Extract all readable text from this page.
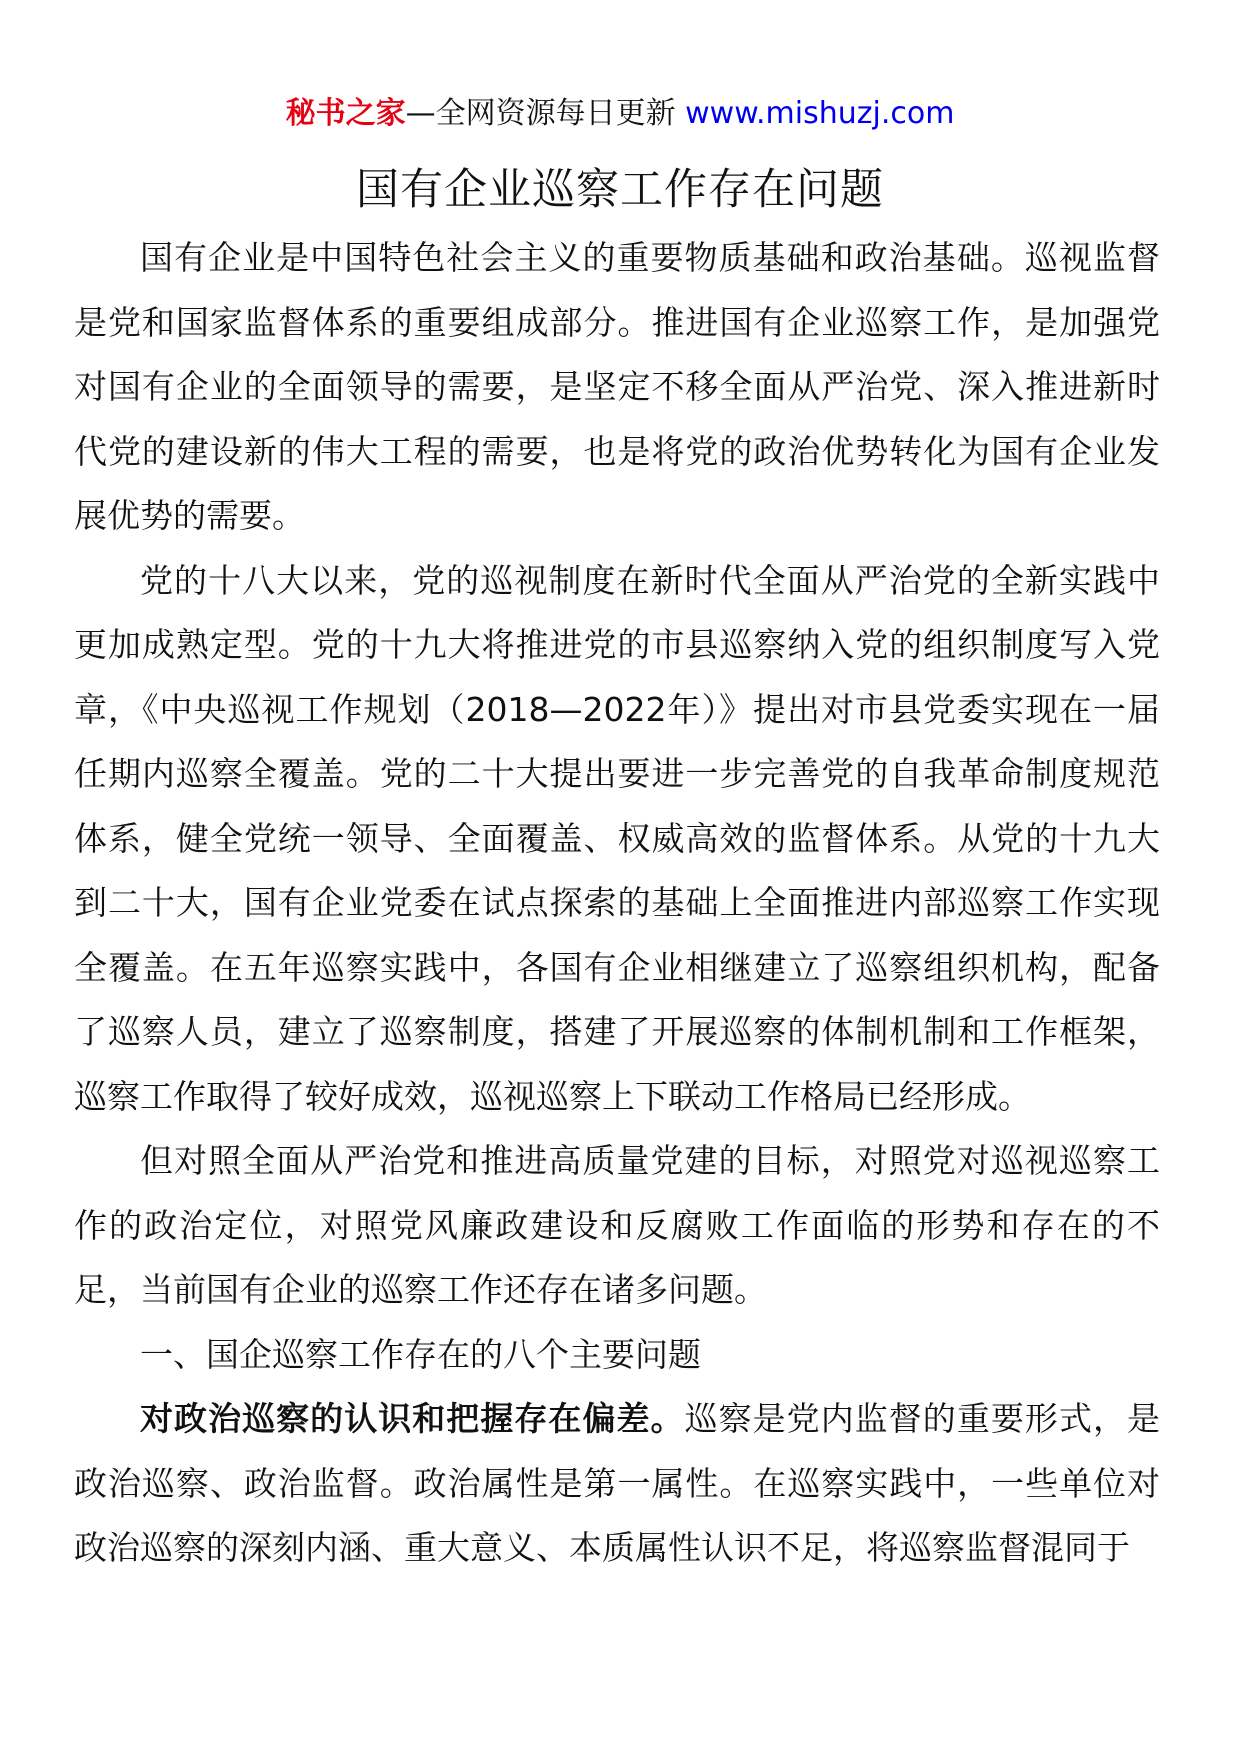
秘书之家—全网资源每日更新 www.mishuzj.com
国有企业巡察工作存在问题

国有企业是中国特色社会主义的重要物质基础和政治基础。巡视监督是党和国家监督体系的重要组成部分。推进国有企业巡察工作，是加强党对国有企业的全面领导的需要，是坚定不移全面从严治党、深入推进新时代党的建设新的伟大工程的需要，也是将党的政治优势转化为国有企业发展优势的需要。

党的十八大以来，党的巡视制度在新时代全面从严治党的全新实践中更加成熟定型。党的十九大将推进党的市县巡察纳入党的组织制度写入党章，《中央巡视工作规划（2018—2022年）》提出对市县党委实现在一届任期内巡察全覆盖。党的二十大提出要进一步完善党的自我革命制度规范体系，健全党统一领导、全面覆盖、权威高效的监督体系。从党的十九大到二十大，国有企业党委在试点探索的基础上全面推进内部巡察工作实现全覆盖。在五年巡察实践中，各国有企业相继建立了巡察组织机构，配备了巡察人员，建立了巡察制度，搭建了开展巡察的体制机制和工作框架，巡察工作取得了较好成效，巡视巡察上下联动工作格局已经形成。

但对照全面从严治党和推进高质量党建的目标，对照党对巡视巡察工作的政治定位，对照党风廉政建设和反腐败工作面临的形势和存在的不足，当前国有企业的巡察工作还存在诸多问题。

一、国企巡察工作存在的八个主要问题

对政治巡察的认识和把握存在偏差。巡察是党内监督的重要形式，是政治巡察、政治监督。政治属性是第一属性。在巡察实践中，一些单位对政治巡察的深刻内涵、重大意义、本质属性认识不足，将巡察监督混同于
